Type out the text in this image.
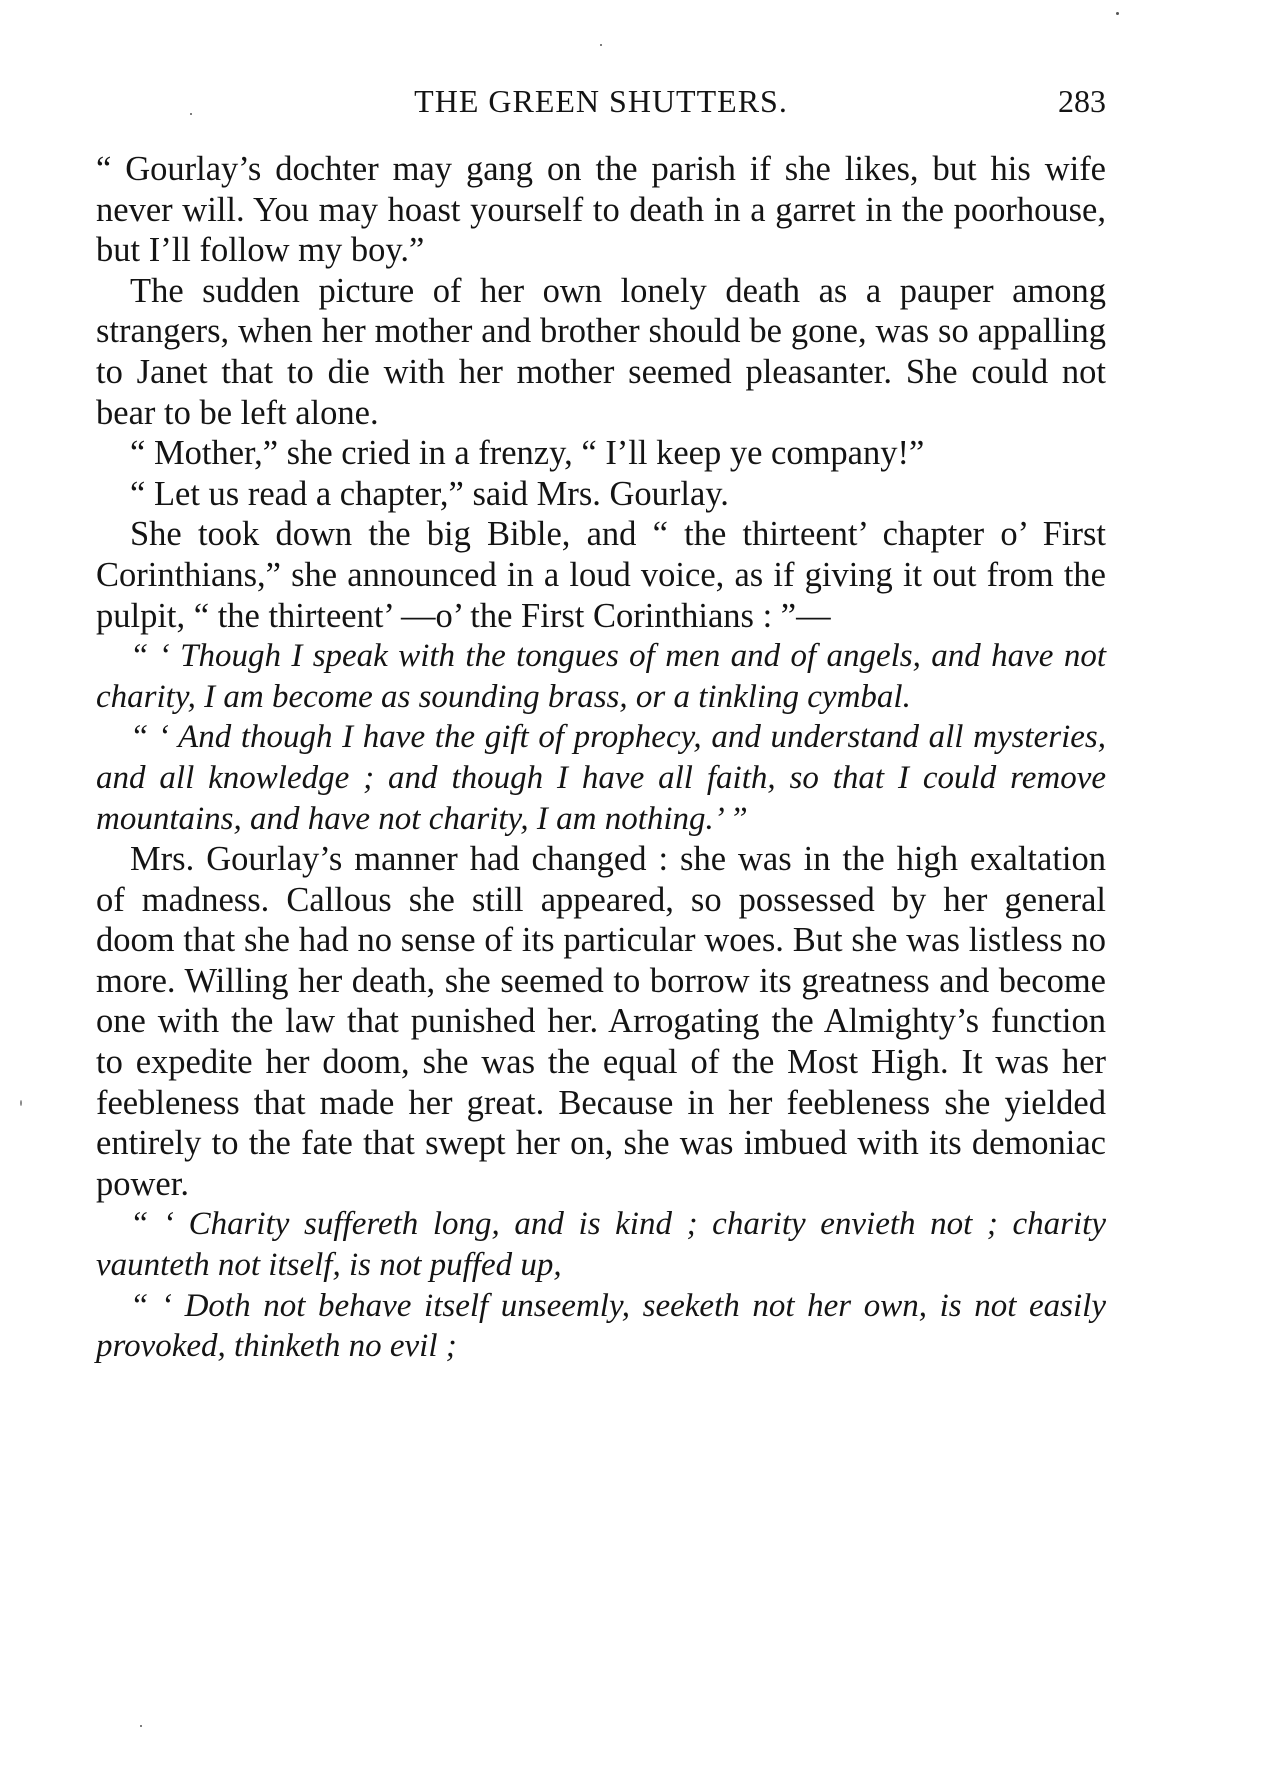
THE GREEN SHUTTERS.	283

“ Gourlay’s dochter may gang on the parish if she likes, but his wife never will. You may hoast yourself to death in a garret in the poorhouse, but I’ll follow my boy.”

The sudden picture of her own lonely death as a pauper among strangers, when her mother and brother should be gone, was so appalling to Janet that to die with her mother seemed pleasanter. She could not bear to be left alone.

“ Mother,” she cried in a frenzy, “ I’ll keep ye company!”

“ Let us read a chapter,” said Mrs. Gourlay.

She took down the big Bible, and “ the thirteent’ chapter o’ First Corinthians,” she announced in a loud voice, as if giving it out from the pulpit, “ the thirteent’ —o’ the First Corinthians : ”—

“ ‘ Though I speak with the tongues of men and of angels, and have not charity, I am become as sounding brass, or a tinkling cymbal.

“ ‘ And though I have the gift of prophecy, and understand all mysteries, and all knowledge ; and though I have all faith, so that I could remove mountains, and have not charity, I am nothing.’ ”

Mrs. Gourlay’s manner had changed : she was in the high exaltation of madness. Callous she still appeared, so possessed by her general doom that she had no sense of its particular woes. But she was listless no more. Willing her death, she seemed to borrow its greatness and become one with the law that punished her. Arrogating the Almighty’s function to expedite her doom, she was the equal of the Most High. It was her feebleness that made her great. Because in her feebleness she yielded entirely to the fate that swept her on, she was imbued with its demoniac power.

“ ‘ Charity suffereth long, and is kind ; charity envieth not ; charity vaunteth not itself, is not puffed up,

“ ‘ Doth not behave itself unseemly, seeketh not her own, is not easily provoked, thinketh no evil ;
